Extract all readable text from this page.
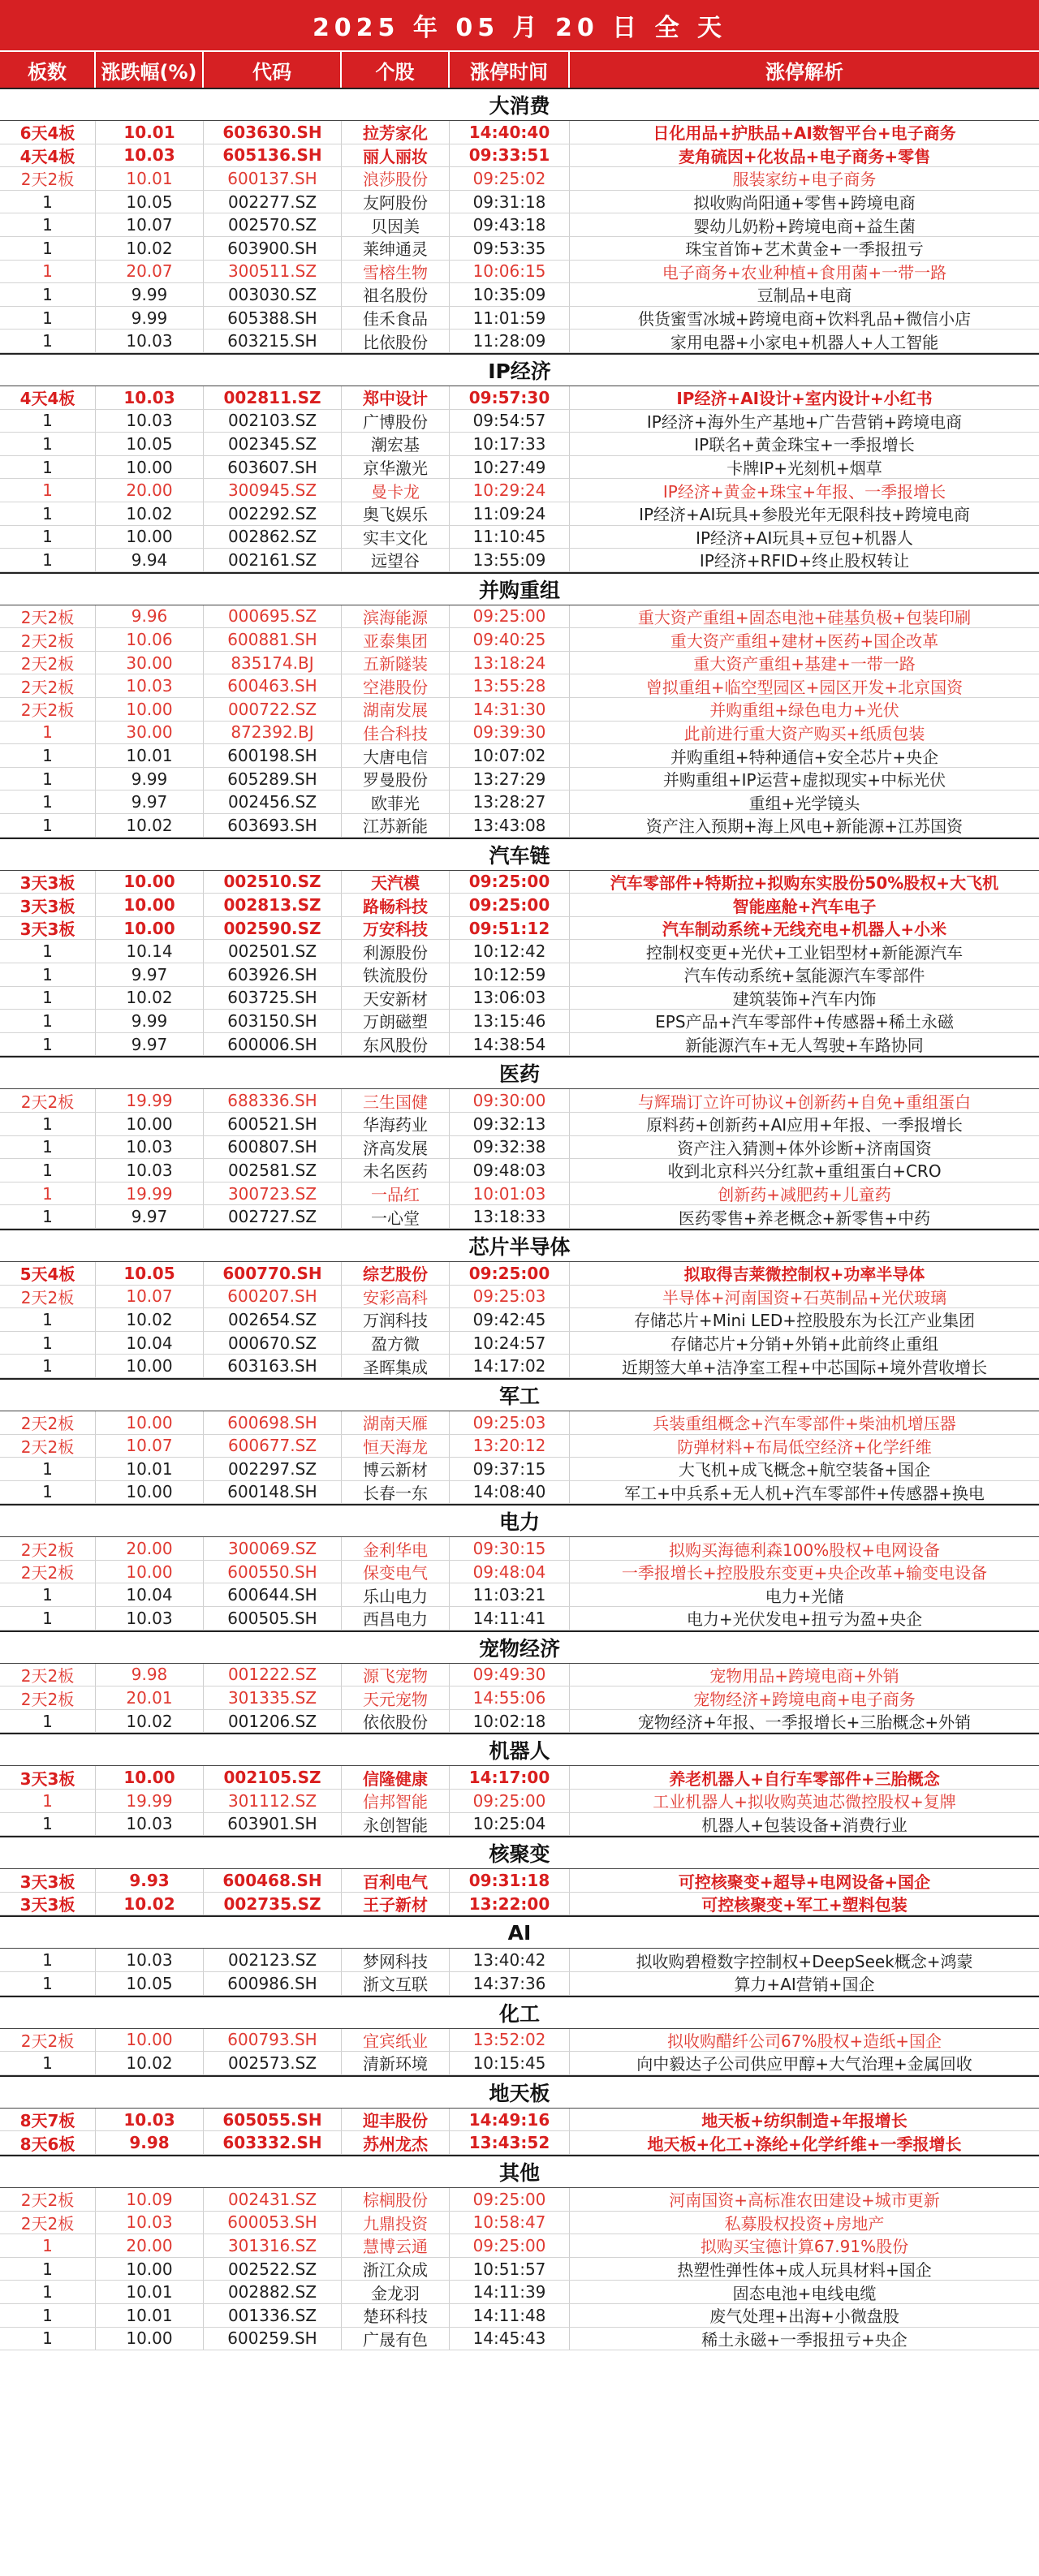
2025 年 05 月 20 日 全 天
板数	涨跌幅(%)	代码	个股	涨停时间	涨停解析
大消费
6天4板	10.01	603630.SH	拉芳家化	14:40:40	日化用品+护肤品+AI数智平台+电子商务
4天4板	10.03	605136.SH	丽人丽妆	09:33:51	麦角硫因+化妆品+电子商务+零售
2天2板	10.01	600137.SH	浪莎股份	09:25:02	服装家纺+电子商务
1	10.05	002277.SZ	友阿股份	09:31:18	拟收购尚阳通+零售+跨境电商
1	10.07	002570.SZ	贝因美	09:43:18	婴幼儿奶粉+跨境电商+益生菌
1	10.02	603900.SH	莱绅通灵	09:53:35	珠宝首饰+艺术黄金+一季报扭亏
1	20.07	300511.SZ	雪榕生物	10:06:15	电子商务+农业种植+食用菌+一带一路
1	9.99	003030.SZ	祖名股份	10:35:09	豆制品+电商
1	9.99	605388.SH	佳禾食品	11:01:59	供货蜜雪冰城+跨境电商+饮料乳品+微信小店
1	10.03	603215.SH	比依股份	11:28:09	家用电器+小家电+机器人+人工智能
IP经济
4天4板	10.03	002811.SZ	郑中设计	09:57:30	IP经济+AI设计+室内设计+小红书
1	10.03	002103.SZ	广博股份	09:54:57	IP经济+海外生产基地+广告营销+跨境电商
1	10.05	002345.SZ	潮宏基	10:17:33	IP联名+黄金珠宝+一季报增长
1	10.00	603607.SH	京华激光	10:27:49	卡牌IP+光刻机+烟草
1	20.00	300945.SZ	曼卡龙	10:29:24	IP经济+黄金+珠宝+年报、一季报增长
1	10.02	002292.SZ	奥飞娱乐	11:09:24	IP经济+AI玩具+参股光年无限科技+跨境电商
1	10.00	002862.SZ	实丰文化	11:10:45	IP经济+AI玩具+豆包+机器人
1	9.94	002161.SZ	远望谷	13:55:09	IP经济+RFID+终止股权转让
并购重组
2天2板	9.96	000695.SZ	滨海能源	09:25:00	重大资产重组+固态电池+硅基负极+包装印刷
2天2板	10.06	600881.SH	亚泰集团	09:40:25	重大资产重组+建材+医药+国企改革
2天2板	30.00	835174.BJ	五新隧装	13:18:24	重大资产重组+基建+一带一路
2天2板	10.03	600463.SH	空港股份	13:55:28	曾拟重组+临空型园区+园区开发+北京国资
2天2板	10.00	000722.SZ	湖南发展	14:31:30	并购重组+绿色电力+光伏
1	30.00	872392.BJ	佳合科技	09:39:30	此前进行重大资产购买+纸质包装
1	10.01	600198.SH	大唐电信	10:07:02	并购重组+特种通信+安全芯片+央企
1	9.99	605289.SH	罗曼股份	13:27:29	并购重组+IP运营+虚拟现实+中标光伏
1	9.97	002456.SZ	欧菲光	13:28:27	重组+光学镜头
1	10.02	603693.SH	江苏新能	13:43:08	资产注入预期+海上风电+新能源+江苏国资
汽车链
3天3板	10.00	002510.SZ	天汽模	09:25:00	汽车零部件+特斯拉+拟购东实股份50%股权+大飞机
3天3板	10.00	002813.SZ	路畅科技	09:25:00	智能座舱+汽车电子
3天3板	10.00	002590.SZ	万安科技	09:51:12	汽车制动系统+无线充电+机器人+小米
1	10.14	002501.SZ	利源股份	10:12:42	控制权变更+光伏+工业铝型材+新能源汽车
1	9.97	603926.SH	铁流股份	10:12:59	汽车传动系统+氢能源汽车零部件
1	10.02	603725.SH	天安新材	13:06:03	建筑装饰+汽车内饰
1	9.99	603150.SH	万朗磁塑	13:15:46	EPS产品+汽车零部件+传感器+稀土永磁
1	9.97	600006.SH	东风股份	14:38:54	新能源汽车+无人驾驶+车路协同
医药
2天2板	19.99	688336.SH	三生国健	09:30:00	与辉瑞订立许可协议+创新药+自免+重组蛋白
1	10.00	600521.SH	华海药业	09:32:13	原料药+创新药+AI应用+年报、一季报增长
1	10.03	600807.SH	济高发展	09:32:38	资产注入猜测+体外诊断+济南国资
1	10.03	002581.SZ	未名医药	09:48:03	收到北京科兴分红款+重组蛋白+CRO
1	19.99	300723.SZ	一品红	10:01:03	创新药+减肥药+儿童药
1	9.97	002727.SZ	一心堂	13:18:33	医药零售+养老概念+新零售+中药
芯片半导体
5天4板	10.05	600770.SH	综艺股份	09:25:00	拟取得吉莱微控制权+功率半导体
2天2板	10.07	600207.SH	安彩高科	09:25:03	半导体+河南国资+石英制品+光伏玻璃
1	10.02	002654.SZ	万润科技	09:42:45	存储芯片+Mini LED+控股股东为长江产业集团
1	10.04	000670.SZ	盈方微	10:24:57	存储芯片+分销+外销+此前终止重组
1	10.00	603163.SH	圣晖集成	14:17:02	近期签大单+洁净室工程+中芯国际+境外营收增长
军工
2天2板	10.00	600698.SH	湖南天雁	09:25:03	兵装重组概念+汽车零部件+柴油机增压器
2天2板	10.07	600677.SZ	恒天海龙	13:20:12	防弹材料+布局低空经济+化学纤维
1	10.01	002297.SZ	博云新材	09:37:15	大飞机+成飞概念+航空装备+国企
1	10.00	600148.SH	长春一东	14:08:40	军工+中兵系+无人机+汽车零部件+传感器+换电
电力
2天2板	20.00	300069.SZ	金利华电	09:30:15	拟购买海德利森100%股权+电网设备
2天2板	10.00	600550.SH	保变电气	09:48:04	一季报增长+控股股东变更+央企改革+输变电设备
1	10.04	600644.SH	乐山电力	11:03:21	电力+光储
1	10.03	600505.SH	西昌电力	14:11:41	电力+光伏发电+扭亏为盈+央企
宠物经济
2天2板	9.98	001222.SZ	源飞宠物	09:49:30	宠物用品+跨境电商+外销
2天2板	20.01	301335.SZ	天元宠物	14:55:06	宠物经济+跨境电商+电子商务
1	10.02	001206.SZ	依依股份	10:02:18	宠物经济+年报、一季报增长+三胎概念+外销
机器人
3天3板	10.00	002105.SZ	信隆健康	14:17:00	养老机器人+自行车零部件+三胎概念
1	19.99	301112.SZ	信邦智能	09:25:00	工业机器人+拟收购英迪芯微控股权+复牌
1	10.03	603901.SH	永创智能	10:25:04	机器人+包装设备+消费行业
核聚变
3天3板	9.93	600468.SH	百利电气	09:31:18	可控核聚变+超导+电网设备+国企
3天3板	10.02	002735.SZ	王子新材	13:22:00	可控核聚变+军工+塑料包装
AI
1	10.03	002123.SZ	梦网科技	13:40:42	拟收购碧橙数字控制权+DeepSeek概念+鸿蒙
1	10.05	600986.SH	浙文互联	14:37:36	算力+AI营销+国企
化工
2天2板	10.00	600793.SH	宜宾纸业	13:52:02	拟收购醋纤公司67%股权+造纸+国企
1	10.02	002573.SZ	清新环境	10:15:45	向中毅达子公司供应甲醇+大气治理+金属回收
地天板
8天7板	10.03	605055.SH	迎丰股份	14:49:16	地天板+纺织制造+年报增长
8天6板	9.98	603332.SH	苏州龙杰	13:43:52	地天板+化工+涤纶+化学纤维+一季报增长
其他
2天2板	10.09	002431.SZ	棕榈股份	09:25:00	河南国资+高标准农田建设+城市更新
2天2板	10.03	600053.SH	九鼎投资	10:58:47	私募股权投资+房地产
1	20.00	301316.SZ	慧博云通	09:25:00	拟购买宝德计算67.91%股份
1	10.00	002522.SZ	浙江众成	10:51:57	热塑性弹性体+成人玩具材料+国企
1	10.01	002882.SZ	金龙羽	14:11:39	固态电池+电线电缆
1	10.01	001336.SZ	楚环科技	14:11:48	废气处理+出海+小微盘股
1	10.00	600259.SH	广晟有色	14:45:43	稀土永磁+一季报扭亏+央企
